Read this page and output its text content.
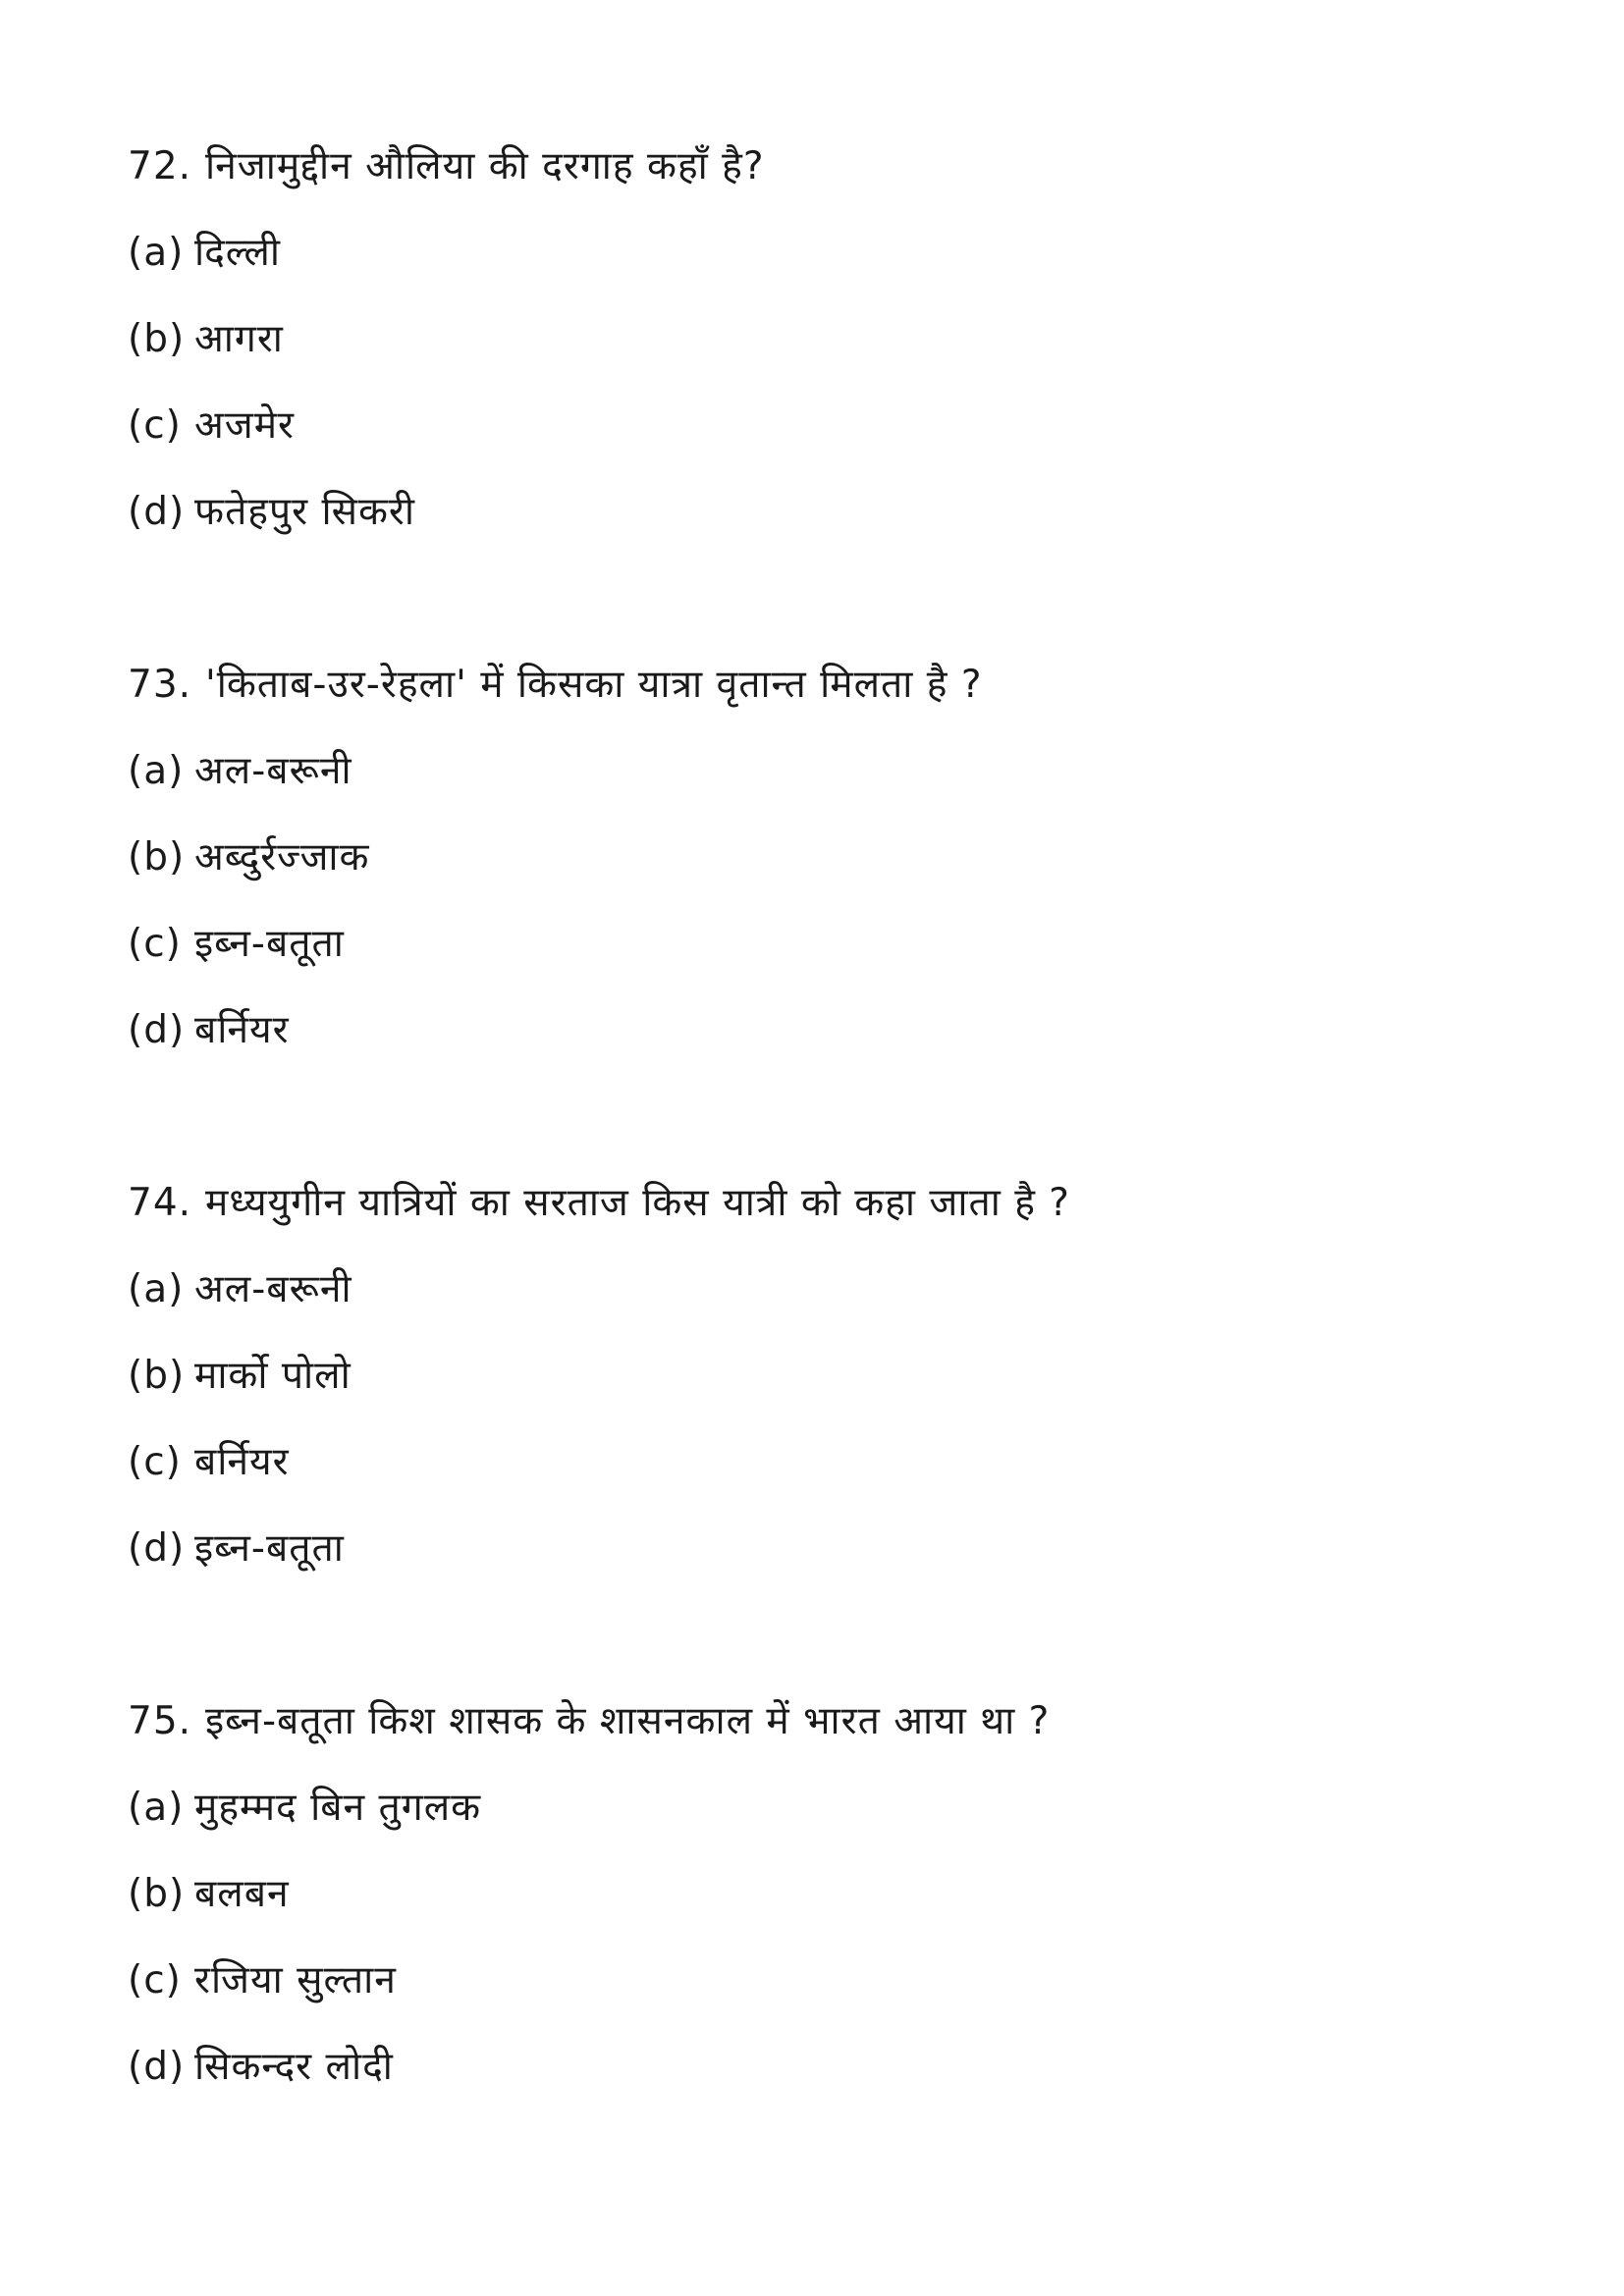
72. निजामुद्दीन औलिया की दरगाह कहाँ है?
(a) दिल्ली
(b) आगरा
(c) अजमेर
(d) फतेहपुर सिकरी
73. 'किताब-उर-रेहला' में किसका यात्रा वृतान्त मिलता है ?
(a) अल-बरूनी
(b) अब्दुर्रज्जाक
(c) इब्न-बतूता
(d) बर्नियर
74. मध्ययुगीन यात्रियों का सरताज किस यात्री को कहा जाता है ?
(a) अल-बरूनी
(b) मार्को पोलो
(c) बर्नियर
(d) इब्न-बतूता
75. इब्न-बतूता किश शासक के शासनकाल में भारत आया था ?
(a) मुहम्मद बिन तुगलक
(b) बलबन
(c) रजिया सुल्तान
(d) सिकन्दर लोदी
